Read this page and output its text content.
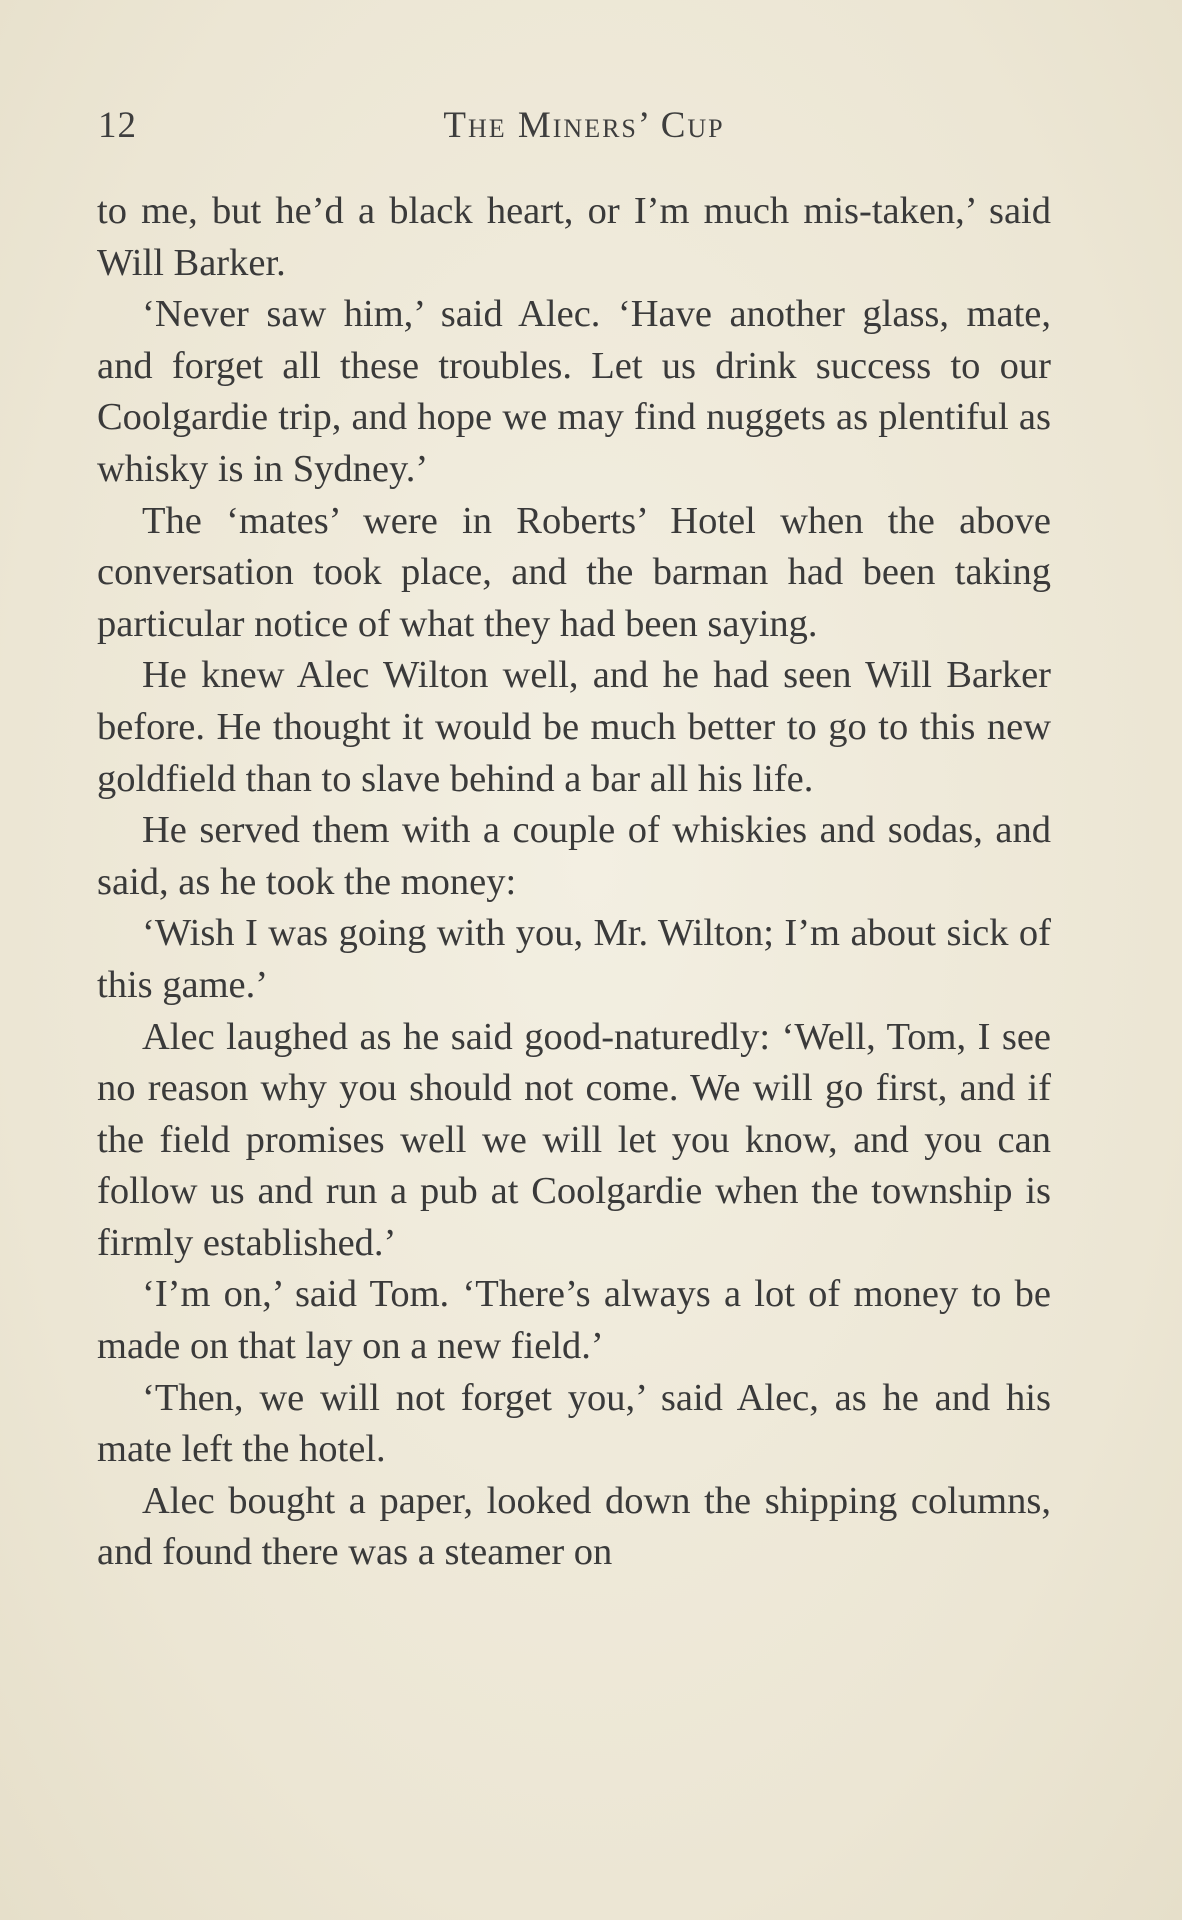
12	The Miners’ Cup

to me, but he’d a black heart, or I’m much mis-taken,’ said Will Barker.

‘Never saw him,’ said Alec. ‘Have another glass, mate, and forget all these troubles. Let us drink success to our Coolgardie trip, and hope we may find nuggets as plentiful as whisky is in Sydney.’

The ‘mates’ were in Roberts’ Hotel when the above conversation took place, and the barman had been taking particular notice of what they had been saying.

He knew Alec Wilton well, and he had seen Will Barker before. He thought it would be much better to go to this new goldfield than to slave behind a bar all his life.

He served them with a couple of whiskies and sodas, and said, as he took the money:

‘Wish I was going with you, Mr. Wilton; I’m about sick of this game.’

Alec laughed as he said good-naturedly: ‘Well, Tom, I see no reason why you should not come. We will go first, and if the field promises well we will let you know, and you can follow us and run a pub at Coolgardie when the township is firmly established.’

‘I’m on,’ said Tom. ‘There’s always a lot of money to be made on that lay on a new field.’

‘Then, we will not forget you,’ said Alec, as he and his mate left the hotel.

Alec bought a paper, looked down the shipping columns, and found there was a steamer on
